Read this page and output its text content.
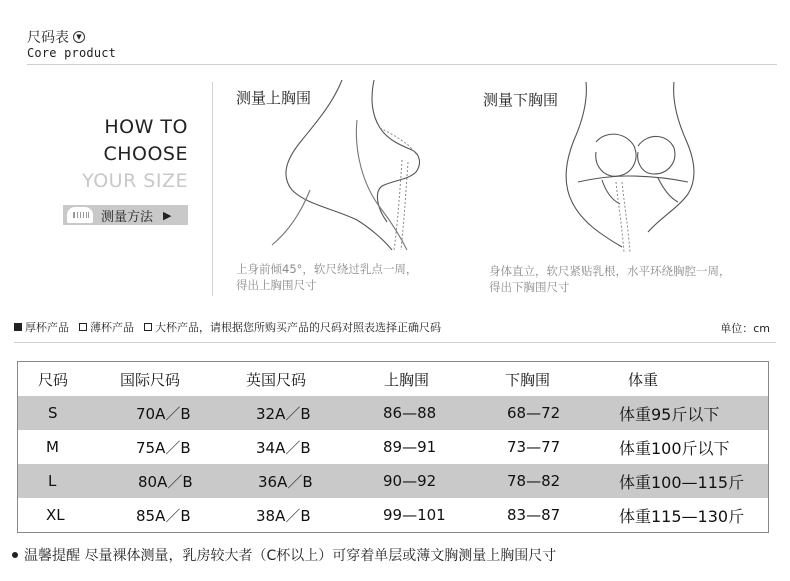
尺码表	▼
Core product
HOW TO
CHOOSE
YOUR SIZE
测量方法 ▶
测量上胸围
上身前倾45°，软尺绕过乳点一周，
得出上胸围尺寸
测量下胸围
身体直立，软尺紧贴乳根，水平环绕胸腔一周，
得出下胸围尺寸
厚杯产品 薄杯产品 大杯产品，请根据您所购买产品的尺码对照表选择正确尺码	单位：cm
尺码	国际尺码	英国尺码	上胸围	下胸围	体重
S	70A／B	32A／B	86—88	68—72	体重95斤以下
M	75A／B	34A／B	89—91	73—77	体重100斤以下
L	80A／B	36A／B	90—92	78—82	体重100—115斤
XL	85A／B	38A／B	99—101	83—87	体重115—130斤
温馨提醒 尽量裸体测量，乳房较大者（C杯以上）可穿着单层或薄文胸测量上胸围尺寸
